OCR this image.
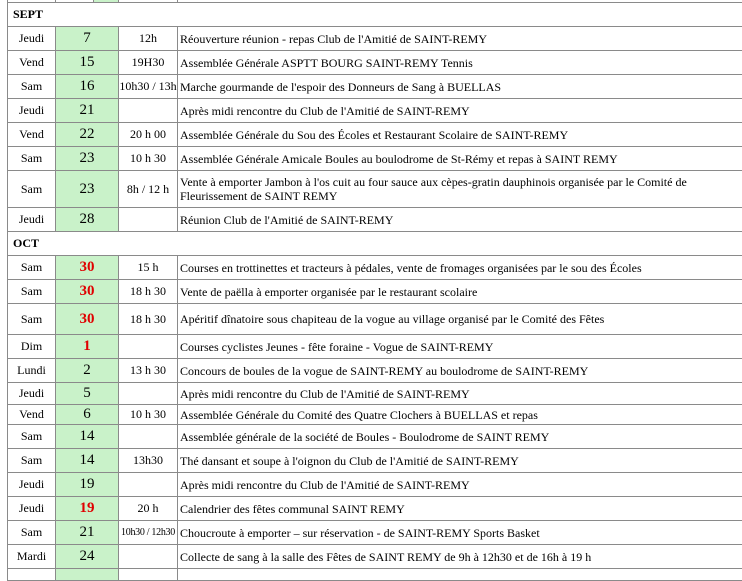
SEPT				
Jeudi	7		12h	Réouverture réunion - repas Club de l'Amitié de SAINT-REMY
Vend	15		19H30	Assemblée Générale ASPTT BOURG SAINT-REMY Tennis
Sam	16		10h30 / 13h	Marche gourmande de l'espoir des Donneurs de Sang à BUELLAS
Jeudi	21			Après midi rencontre du Club de l'Amitié de SAINT-REMY
Vend	22		20 h 00	Assemblée Générale du Sou des Écoles et Restaurant Scolaire de SAINT-REMY
Sam	23		10 h 30	Assemblée Générale Amicale Boules au boulodrome de St-Rémy et repas à SAINT REMY
Sam	23		8h / 12 h	Vente à emporter Jambon à l'os cuit au four sauce aux cèpes-gratin dauphinois organisée par le Comité de Fleurissement de SAINT REMY
Jeudi	28			Réunion Club de l'Amitié de SAINT-REMY
OCT				
Sam	30		15 h	Courses en trottinettes et tracteurs à pédales, vente de fromages organisées par le sou des Écoles
Sam	30		18 h 30	Vente de paëlla à emporter organisée par le restaurant scolaire
Sam	30		18 h 30	Apéritif dînatoire sous chapiteau de la vogue au village organisé par le Comité des Fêtes
Dim	1			Courses cyclistes Jeunes - fête foraine - Vogue de SAINT-REMY
Lundi	2		13 h 30	Concours de boules de la vogue de SAINT-REMY au boulodrome de SAINT-REMY
Jeudi	5			Après midi rencontre du Club de l'Amitié de SAINT-REMY
Vend	6		10 h 30	Assemblée Générale du Comité des Quatre Clochers à BUELLAS et repas
Sam	14			Assemblée générale de la société de Boules - Boulodrome de SAINT REMY
Sam	14		13h30	Thé dansant et soupe à l'oignon du Club de l'Amitié de SAINT-REMY
Jeudi	19			Après midi rencontre du Club de l'Amitié de SAINT-REMY
Jeudi	19		20 h	Calendrier des fêtes communal SAINT REMY
Sam	21		10h30 / 12h30	Choucroute à emporter – sur réservation - de SAINT-REMY Sports Basket
Mardi	24			Collecte de sang à la salle des Fêtes de SAINT REMY de 9h à 12h30 et de 16h à 19 h
